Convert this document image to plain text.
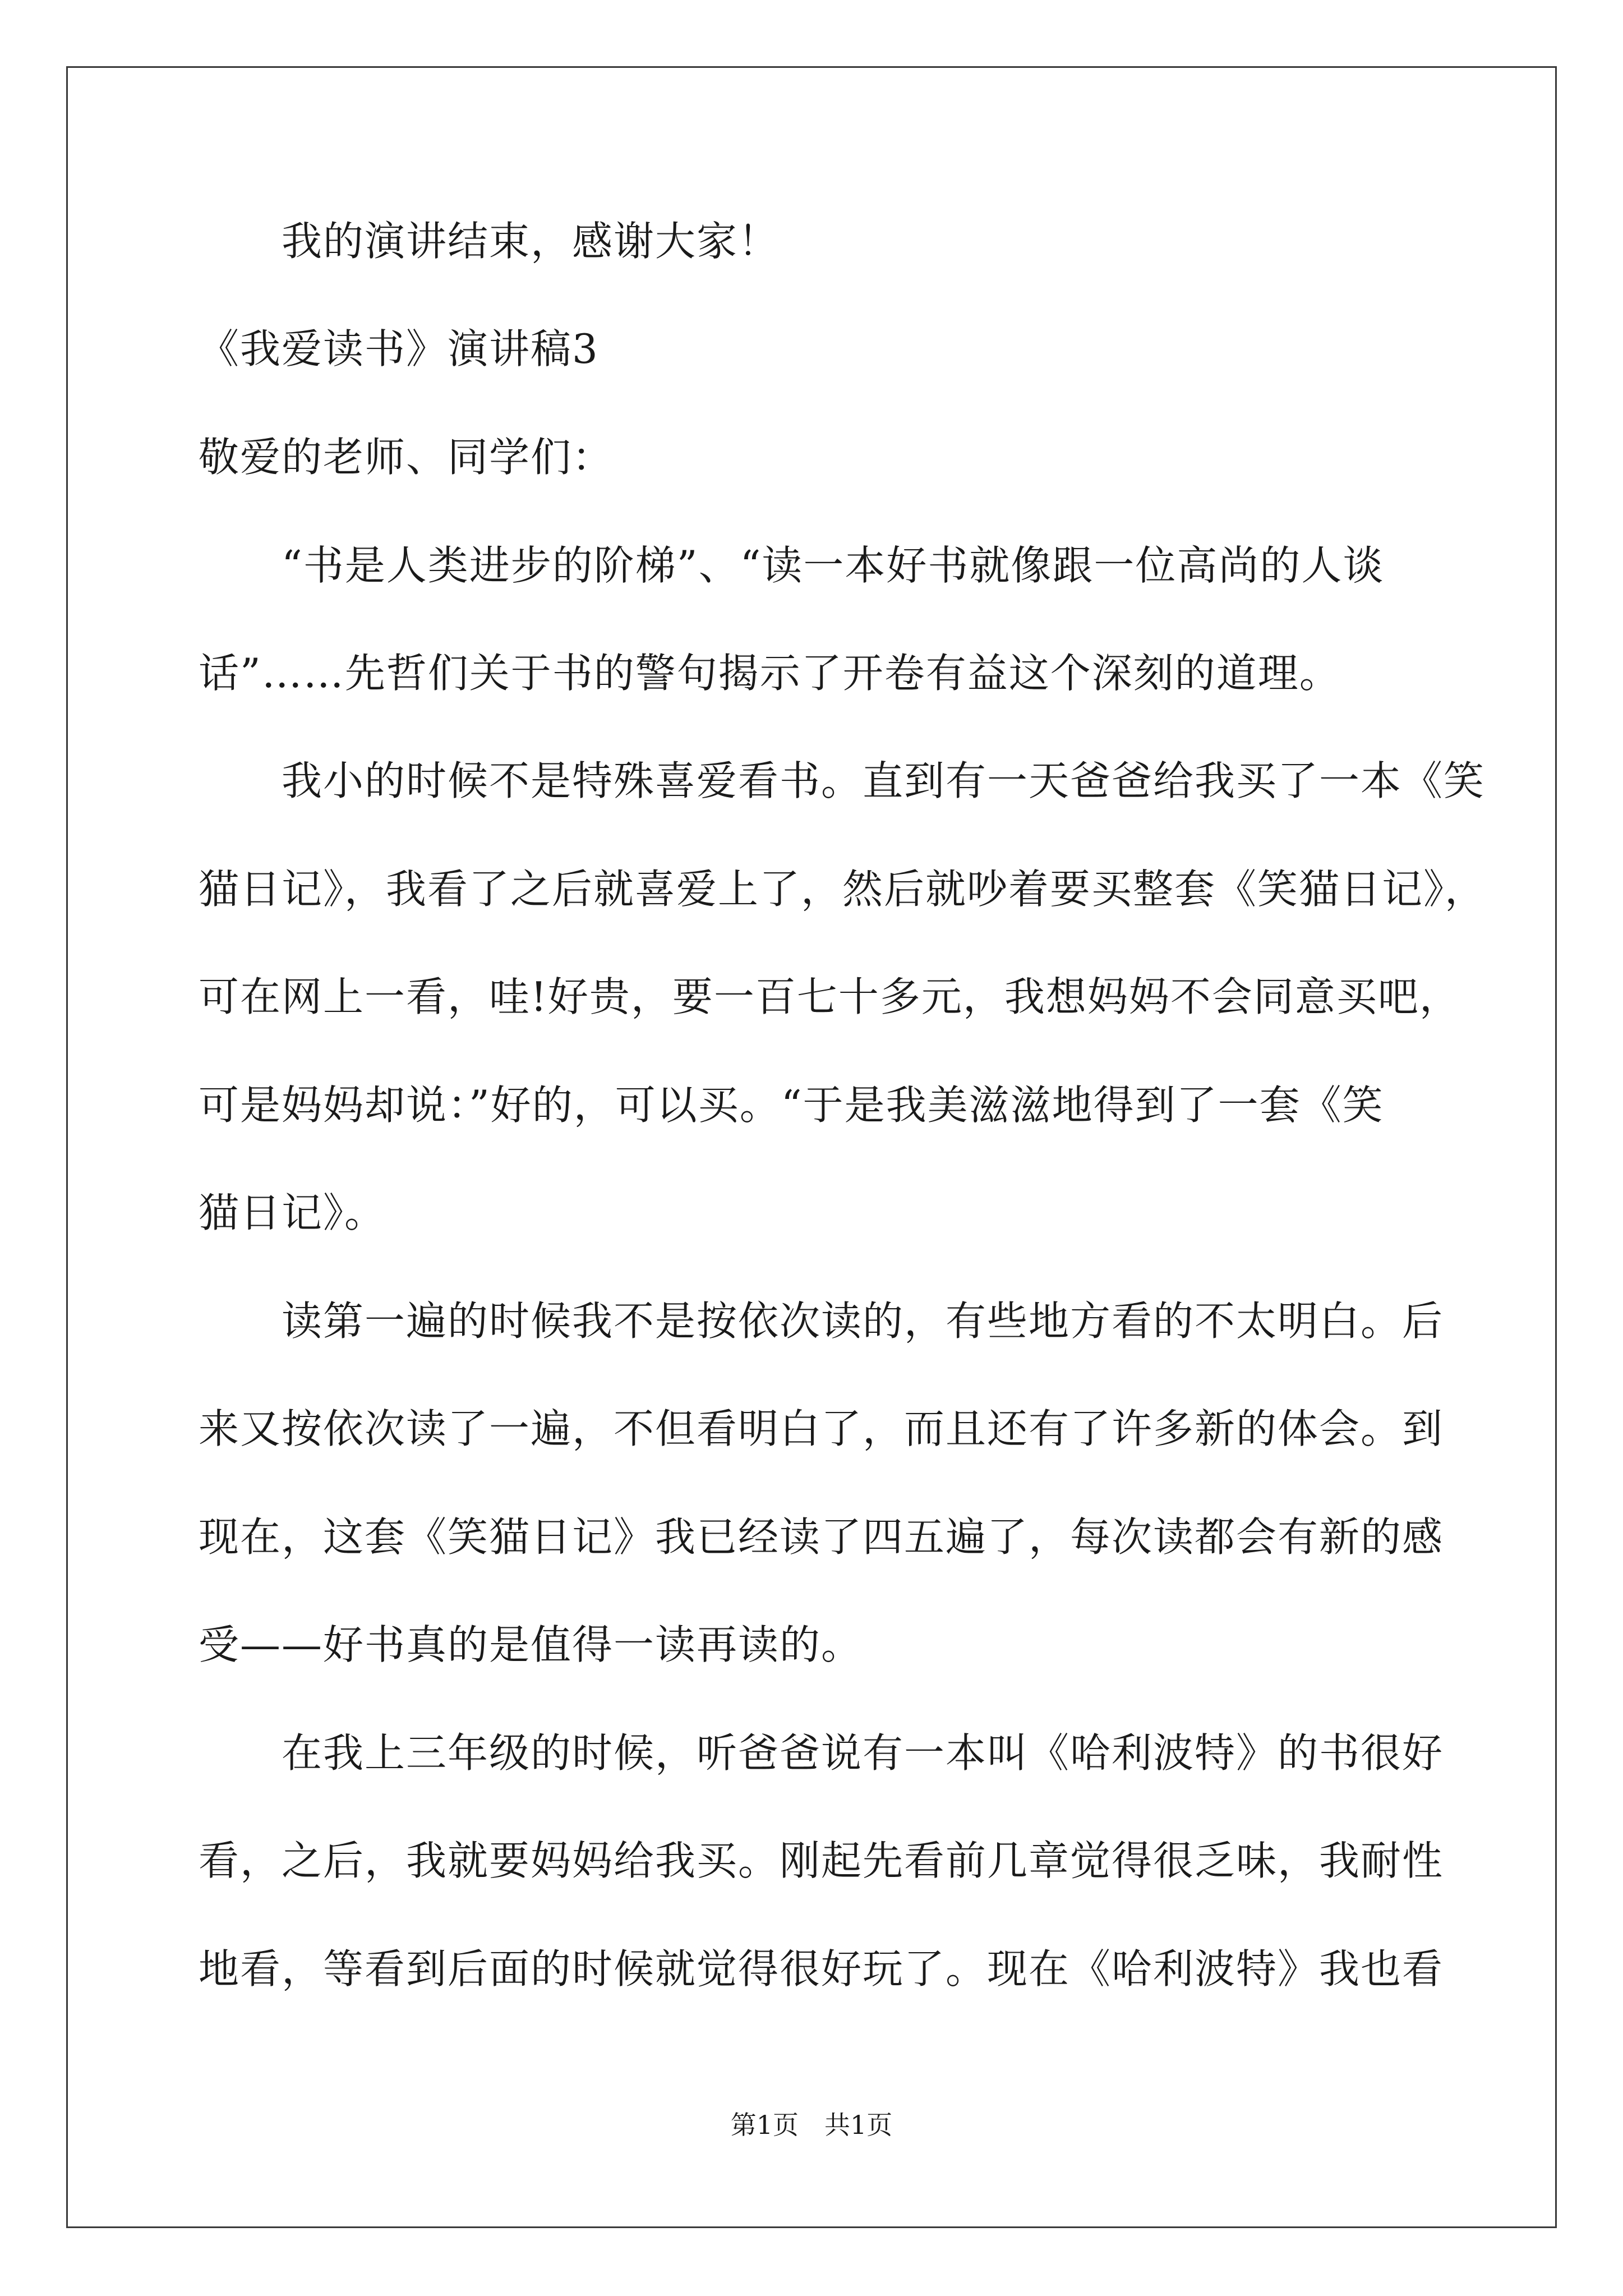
　　我的演讲结束，感谢大家！
《我爱读书》演讲稿3
敬爱的老师、同学们：
　　“书是人类进步的阶梯”、“读一本好书就像跟一位高尚的人谈
话”……先哲们关于书的警句揭示了开卷有益这个深刻的道理。
　　我小的时候不是特殊喜爱看书。直到有一天爸爸给我买了一本《笑
猫日记》，我看了之后就喜爱上了，然后就吵着要买整套《笑猫日记》，
可在网上一看，哇!好贵，要一百七十多元，我想妈妈不会同意买吧，
可是妈妈却说：”好的，可以买。“于是我美滋滋地得到了一套《笑
猫日记》。
　　读第一遍的时候我不是按依次读的，有些地方看的不太明白。后
来又按依次读了一遍，不但看明白了，而且还有了许多新的体会。到
现在，这套《笑猫日记》我已经读了四五遍了，每次读都会有新的感
受——好书真的是值得一读再读的。
　　在我上三年级的时候，听爸爸说有一本叫《哈利波特》的书很好
看，之后，我就要妈妈给我买。刚起先看前几章觉得很乏味，我耐性
地看，等看到后面的时候就觉得很好玩了。现在《哈利波特》我也看
第1页 共1页
